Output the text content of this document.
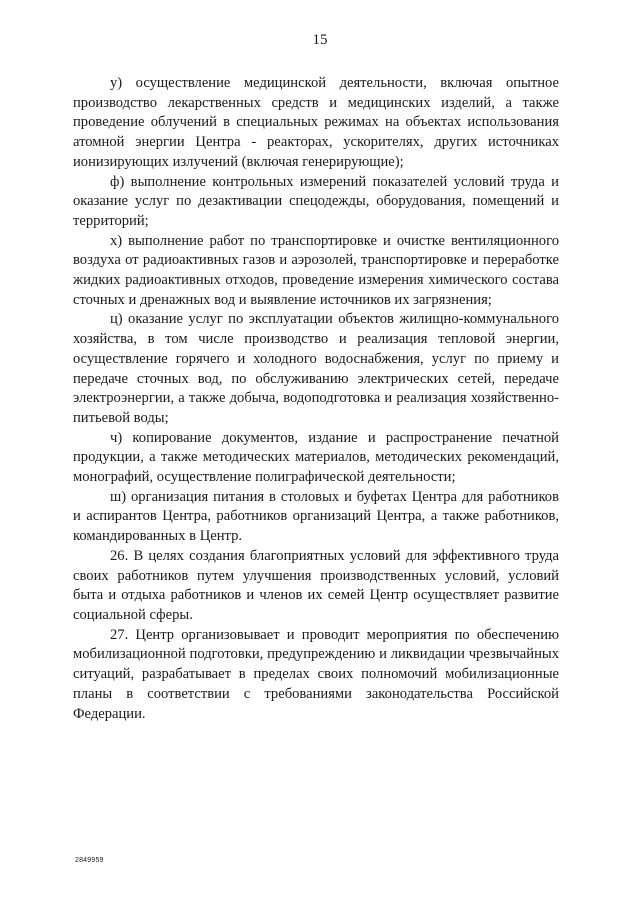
15

у) осуществление медицинской деятельности, включая опытное производство лекарственных средств и медицинских изделий, а также проведение облучений в специальных режимах на объектах использования атомной энергии Центра - реакторах, ускорителях, других источниках ионизирующих излучений (включая генерирующие);

ф) выполнение контрольных измерений показателей условий труда и оказание услуг по дезактивации спецодежды, оборудования, помещений и территорий;

х) выполнение работ по транспортировке и очистке вентиляционного воздуха от радиоактивных газов и аэрозолей, транспортировке и переработке жидких радиоактивных отходов, проведение измерения химического состава сточных и дренажных вод и выявление источников их загрязнения;

ц) оказание услуг по эксплуатации объектов жилищно-коммунального хозяйства, в том числе производство и реализация тепловой энергии, осуществление горячего и холодного водоснабжения, услуг по приему и передаче сточных вод, по обслуживанию электрических сетей, передаче электроэнергии, а также добыча, водоподготовка и реализация хозяйственно-питьевой воды;

ч) копирование документов, издание и распространение печатной продукции, а также методических материалов, методических рекомендаций, монографий, осуществление полиграфической деятельности;

ш) организация питания в столовых и буфетах Центра для работников и аспирантов Центра, работников организаций Центра, а также работников, командированных в Центр.

26. В целях создания благоприятных условий для эффективного труда своих работников путем улучшения производственных условий, условий быта и отдыха работников и членов их семей Центр осуществляет развитие социальной сферы.

27. Центр организовывает и проводит мероприятия по обеспечению мобилизационной подготовки, предупреждению и ликвидации чрезвычайных ситуаций, разрабатывает в пределах своих полномочий мобилизационные планы в соответствии с требованиями законодательства Российской Федерации.

2849959
